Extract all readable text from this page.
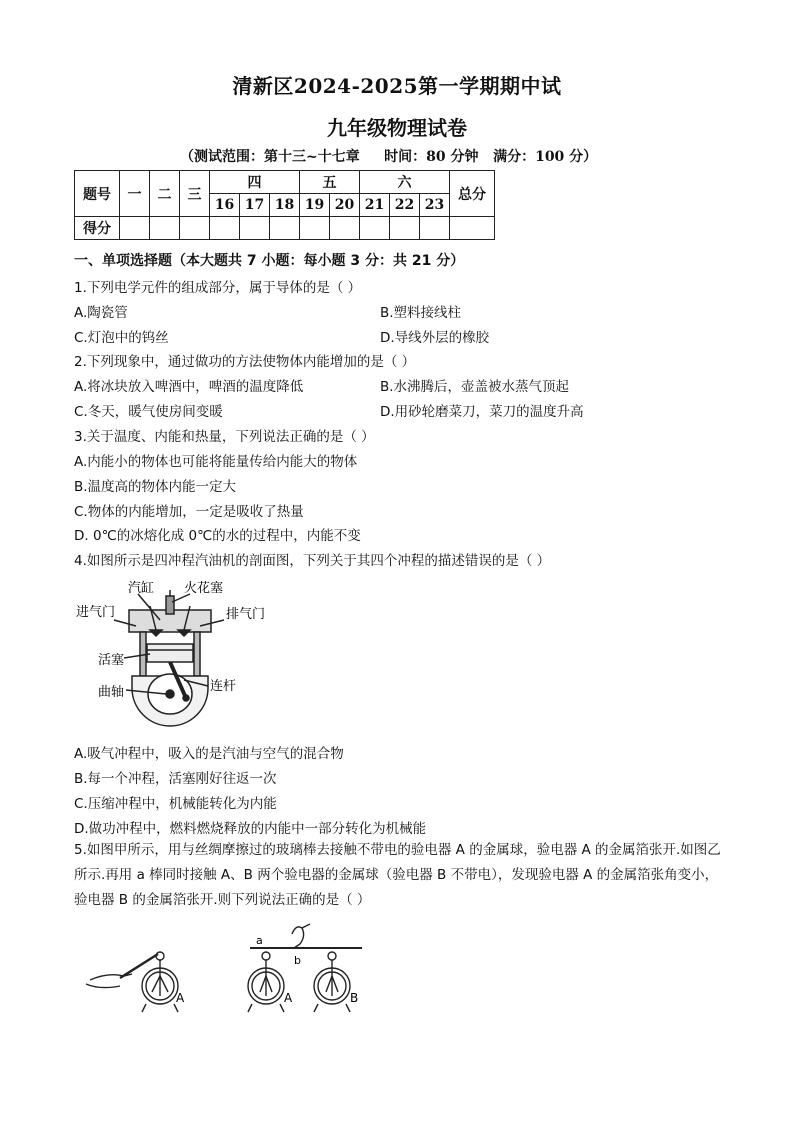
清新区2024-2025第一学期期中试
九年级物理试卷
（测试范围：第十三~十七章     时间：80 分钟   满分：100 分）
题号	一	二	三	四			五		六			总分
				16	17	18	19	20	21	22	23	
得分												
一、单项选择题（本大题共 7 小题：每小题 3 分：共 21 分）
1.下列电学元件的组成部分，属于导体的是（ ）
A.陶瓷管	B.塑料接线柱
C.灯泡中的钨丝	D.导线外层的橡胶
2.下列现象中，通过做功的方法使物体内能增加的是（ ）
A.将冰块放入啤酒中，啤酒的温度降低	B.水沸腾后，壶盖被水蒸气顶起
C.冬天，暖气使房间变暖	D.用砂轮磨菜刀，菜刀的温度升高
3.关于温度、内能和热量，下列说法正确的是（ ）
A.内能小的物体也可能将能量传给内能大的物体
B.温度高的物体内能一定大
C.物体的内能增加，一定是吸收了热量
D. 0℃的冰熔化成 0℃的水的过程中，内能不变
4.如图所示是四冲程汽油机的剖面图，下列关于其四个冲程的描述错误的是（ ）
汽缸 火花塞
进气门	排气门
活塞
曲轴	连杆
A.吸气冲程中，吸入的是汽油与空气的混合物
B.每一个冲程，活塞刚好往返一次
C.压缩冲程中，机械能转化为内能
D.做功冲程中，燃料燃烧释放的内能中一部分转化为机械能
5.如图甲所示，用与丝绸摩擦过的玻璃棒去接触不带电的验电器 A 的金属球，验电器 A 的金属箔张开.如图乙所示.再用 a 棒同时接触 A、B 两个验电器的金属球（验电器 B 不带电），发现验电器 A 的金属箔张角变小，验电器 B 的金属箔张开.则下列说法正确的是（ ）
A
a
b
A	B
